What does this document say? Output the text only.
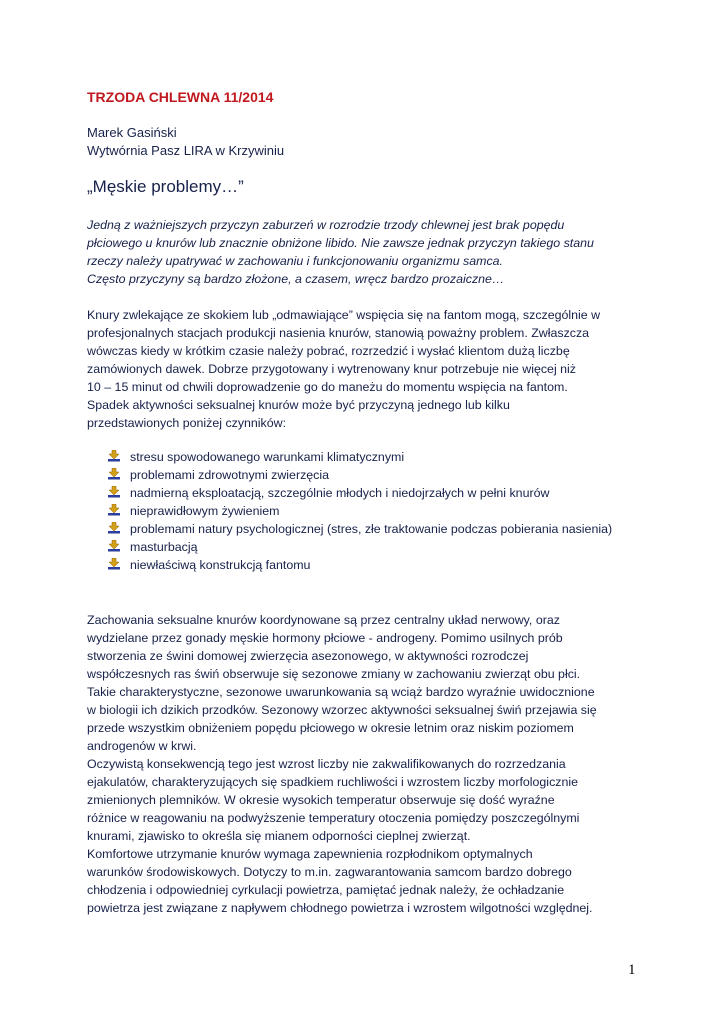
TRZODA CHLEWNA 11/2014
Marek Gasiński
Wytwórnia Pasz LIRA w Krzywiniu
„Męskie problemy…”
Jedną z ważniejszych przyczyn zaburzeń w rozrodzie trzody chlewnej jest brak popędu
płciowego u knurów lub znacznie obniżone libido. Nie zawsze jednak przyczyn takiego stanu
rzeczy należy upatrywać w zachowaniu i funkcjonowaniu organizmu samca.
Często przyczyny są bardzo złożone, a czasem, wręcz bardzo prozaiczne…
Knury zwlekające ze skokiem lub „odmawiające” wspięcia się na fantom mogą, szczególnie w
profesjonalnych stacjach produkcji nasienia knurów, stanowią poważny problem. Zwłaszcza
wówczas kiedy w krótkim czasie należy pobrać, rozrzedzić i wysłać klientom dużą liczbę
zamówionych dawek. Dobrze przygotowany i wytrenowany knur potrzebuje nie więcej niż
10 – 15 minut od chwili doprowadzenie go do maneżu do momentu wspięcia na fantom.
Spadek aktywności seksualnej knurów może być przyczyną jednego lub kilku
przedstawionych poniżej czynników:
stresu spowodowanego warunkami klimatycznymi
problemami zdrowotnymi zwierzęcia
nadmierną eksploatacją, szczególnie młodych i niedojrzałych w pełni knurów
nieprawidłowym żywieniem
problemami natury psychologicznej (stres, złe traktowanie podczas pobierania nasienia)
masturbacją
niewłaściwą konstrukcją fantomu
Zachowania seksualne knurów koordynowane są przez centralny układ nerwowy, oraz
wydzielane przez gonady męskie hormony płciowe - androgeny. Pomimo usilnych prób
stworzenia ze świni domowej zwierzęcia asezonowego, w aktywności rozrodczej
współczesnych ras świń obserwuje się sezonowe zmiany w zachowaniu zwierząt obu płci.
Takie charakterystyczne, sezonowe uwarunkowania są wciąż bardzo wyraźnie uwidocznione
w biologii ich dzikich przodków. Sezonowy wzorzec aktywności seksualnej świń przejawia się
przede wszystkim obniżeniem popędu płciowego w okresie letnim oraz niskim poziomem
androgenów w krwi.
Oczywistą konsekwencją tego jest wzrost liczby nie zakwalifikowanych do rozrzedzania
ejakulatów, charakteryzujących się spadkiem ruchliwości i wzrostem liczby morfologicznie
zmienionych plemników. W okresie wysokich temperatur obserwuje się dość wyraźne
różnice w reagowaniu na podwyższenie temperatury otoczenia pomiędzy poszczególnymi
knurami, zjawisko to określa się mianem odporności cieplnej zwierząt.
Komfortowe utrzymanie knurów wymaga zapewnienia rozpłodnikom optymalnych
warunków środowiskowych. Dotyczy to m.in. zagwarantowania samcom bardzo dobrego
chłodzenia i odpowiedniej cyrkulacji powietrza, pamiętać jednak należy, że ochładzanie
powietrza jest związane z napływem chłodnego powietrza i wzrostem wilgotności względnej.
1
